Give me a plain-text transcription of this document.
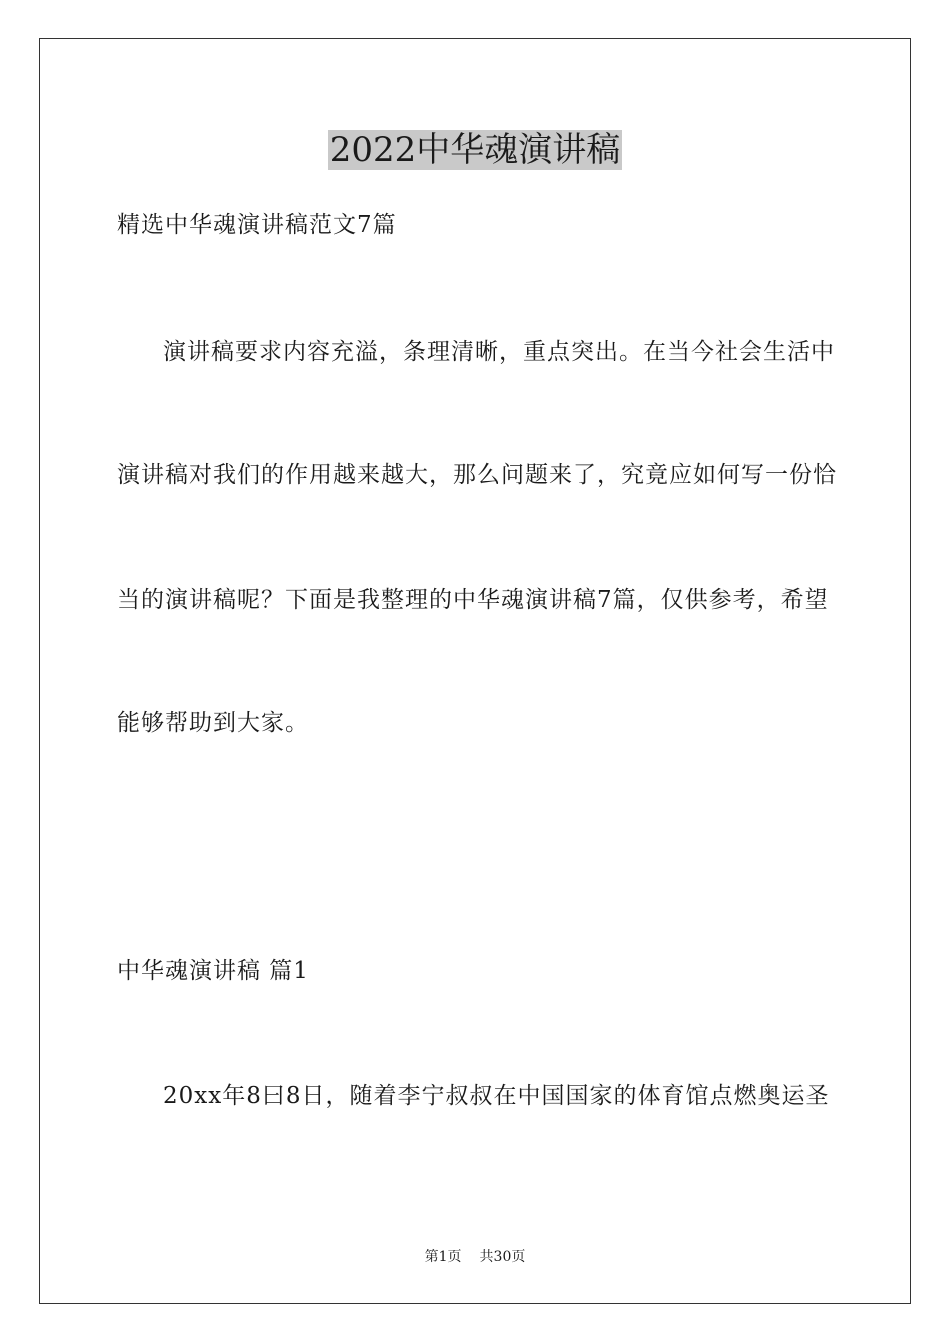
2022中华魂演讲稿

精选中华魂演讲稿范文7篇

演讲稿要求内容充溢，条理清晰，重点突出。在当今社会生活中

演讲稿对我们的作用越来越大，那么问题来了，究竟应如何写一份恰

当的演讲稿呢？下面是我整理的中华魂演讲稿7篇，仅供参考，希望

能够帮助到大家。

中华魂演讲稿 篇1

20xx年8曰8日，随着李宁叔叔在中国国家的体育馆点燃奥运圣

第1页 共30页
